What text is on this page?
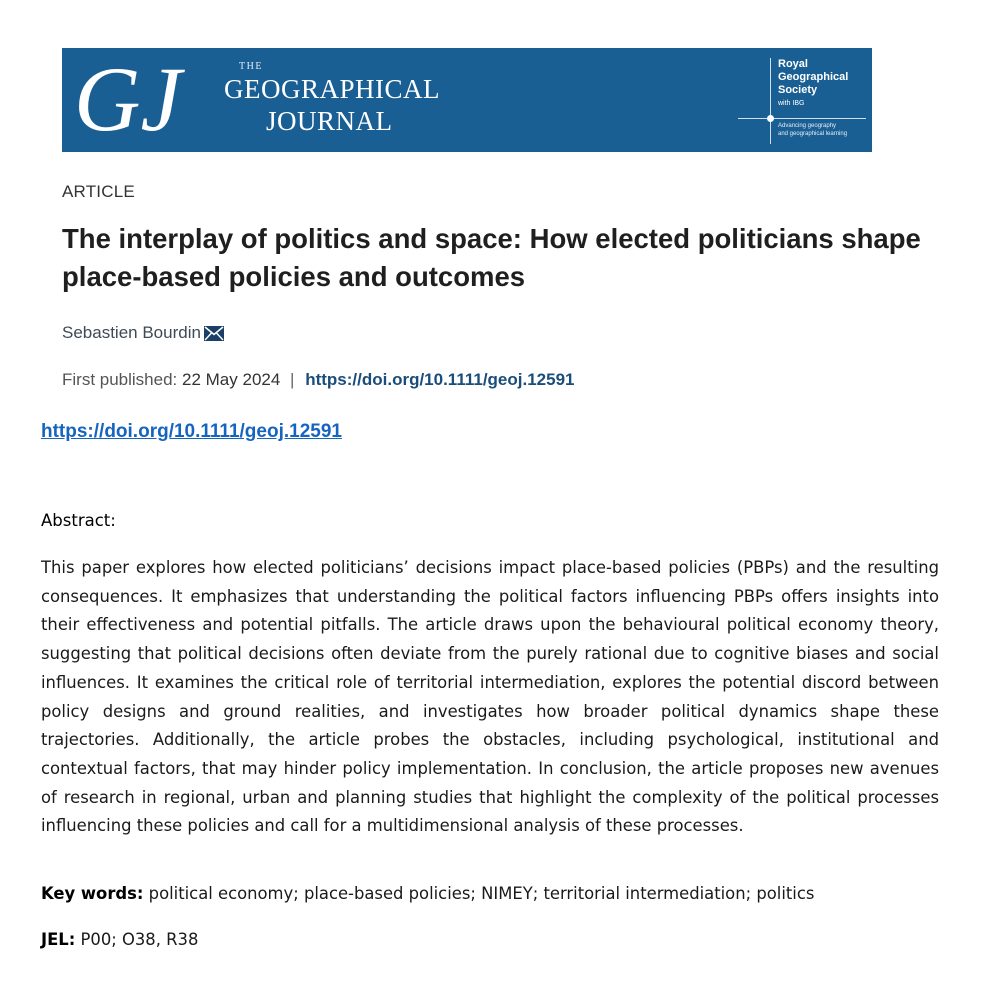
GJ	THE
GEOGRAPHICAL
JOURNAL
Royal
Geographical
Society
with IBG
Advancing geography
and geographical learning
ARTICLE
The interplay of politics and space: How elected politicians shape place-based policies and outcomes
Sebastien Bourdin
First published: 22 May 2024 | https://doi.org/10.1111/geoj.12591
https://doi.org/10.1111/geoj.12591
Abstract:

This paper explores how elected politicians’ decisions impact place-based policies (PBPs) and the resulting consequences. It emphasizes that understanding the political factors influencing PBPs offers insights into their effectiveness and potential pitfalls. The article draws upon the behavioural political economy theory, suggesting that political decisions often deviate from the purely rational due to cognitive biases and social influences. It examines the critical role of territorial intermediation, explores the potential discord between policy designs and ground realities, and investigates how broader political dynamics shape these trajectories. Additionally, the article probes the obstacles, including psychological, institutional and contextual factors, that may hinder policy implementation. In conclusion, the article proposes new avenues of research in regional, urban and planning studies that highlight the complexity of the political processes influencing these policies and call for a multidimensional analysis of these processes.

Key words: political economy; place-based policies; NIMEY; territorial intermediation; politics
JEL: P00; O38, R38
